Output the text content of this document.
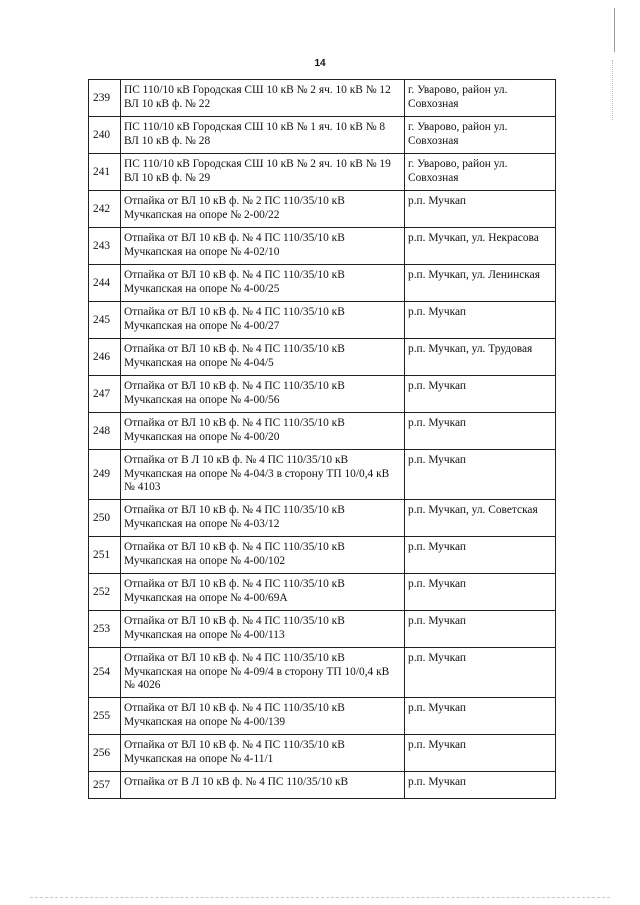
14
239	ПС 110/10 кВ Городская СШ 10 кВ № 2 яч. 10 кВ № 12 ВЛ 10 кВ ф. № 22	г. Уварово, район ул. Совхозная
240	ПС 110/10 кВ Городская СШ 10 кВ № 1 яч. 10 кВ № 8 ВЛ 10 кВ ф. № 28	г. Уварово, район ул. Совхозная
241	ПС 110/10 кВ Городская СШ 10 кВ № 2 яч. 10 кВ № 19 ВЛ 10 кВ ф. № 29	г. Уварово, район ул. Совхозная
242	Отпайка от ВЛ 10 кВ ф. № 2 ПС 110/35/10 кВ Мучкапская на опоре № 2-00/22	р.п. Мучкап
243	Отпайка от ВЛ 10 кВ ф. № 4 ПС 110/35/10 кВ Мучкапская на опоре № 4-02/10	р.п. Мучкап, ул. Некрасова
244	Отпайка от ВЛ 10 кВ ф. № 4 ПС 110/35/10 кВ Мучкапская на опоре № 4-00/25	р.п. Мучкап, ул. Ленинская
245	Отпайка от ВЛ 10 кВ ф. № 4 ПС 110/35/10 кВ Мучкапская на опоре № 4-00/27	р.п. Мучкап
246	Отпайка от ВЛ 10 кВ ф. № 4 ПС 110/35/10 кВ Мучкапская на опоре № 4-04/5	р.п. Мучкап, ул. Трудовая
247	Отпайка от ВЛ 10 кВ ф. № 4 ПС 110/35/10 кВ Мучкапская на опоре № 4-00/56	р.п. Мучкап
248	Отпайка от ВЛ 10 кВ ф. № 4 ПС 110/35/10 кВ Мучкапская на опоре № 4-00/20	р.п. Мучкап
249	Отпайка от В Л 10 кВ ф. № 4 ПС 110/35/10 кВ Мучкапская на опоре № 4-04/3 в сторону ТП 10/0,4 кВ № 4103	р.п. Мучкап
250	Отпайка от ВЛ 10 кВ ф. № 4 ПС 110/35/10 кВ Мучкапская на опоре № 4-03/12	р.п. Мучкап, ул. Советская
251	Отпайка от ВЛ 10 кВ ф. № 4 ПС 110/35/10 кВ Мучкапская на опоре № 4-00/102	р.п. Мучкап
252	Отпайка от ВЛ 10 кВ ф. № 4 ПС 110/35/10 кВ Мучкапская на опоре № 4-00/69А	р.п. Мучкап
253	Отпайка от ВЛ 10 кВ ф. № 4 ПС 110/35/10 кВ Мучкапская на опоре № 4-00/113	р.п. Мучкап
254	Отпайка от ВЛ 10 кВ ф. № 4 ПС 110/35/10 кВ Мучкапская на опоре № 4-09/4 в сторону ТП 10/0,4 кВ № 4026	р.п. Мучкап
255	Отпайка от ВЛ 10 кВ ф. № 4 ПС 110/35/10 кВ Мучкапская на опоре № 4-00/139	р.п. Мучкап
256	Отпайка от ВЛ 10 кВ ф. № 4 ПС 110/35/10 кВ Мучкапская на опоре № 4-11/1	р.п. Мучкап
257	Отпайка от В Л 10 кВ ф. № 4 ПС 110/35/10 кВ	р.п. Мучкап
